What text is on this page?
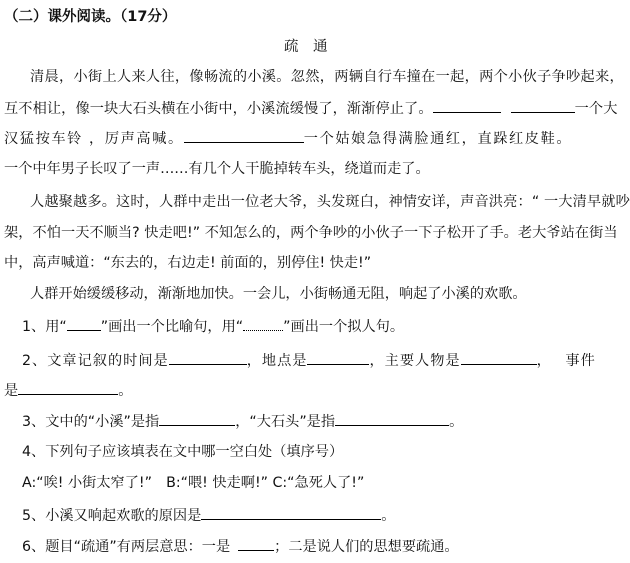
（二）课外阅读。（17分）
疏　通
清晨，小街上人来人往，像畅流的小溪。忽然，两辆自行车撞在一起，两个小伙子争吵起来，
互不相让，像一块大石头横在小街中，小溪流缓慢了，渐渐停止了。	一个大
汉猛按车铃 ，厉声高喊。	一个姑娘急得满脸通红，直跺红皮鞋。
一个中年男子长叹了一声……有几个人干脆掉转车头，绕道而走了。
人越聚越多。这时，人群中走出一位老大爷，头发斑白，神情安详，声音洪亮：“ 一大清早就吵
架，不怕一天不顺当? 快走吧!” 不知怎么的，两个争吵的小伙子一下子松开了手。老大爷站在街当
中，高声喊道：“东去的，右边走! 前面的，别停住! 快走!”
人群开始缓缓移动，渐渐地加快。一会儿，小街畅通无阻，响起了小溪的欢歌。
1、用“ ”画出一个比喻句，用“	”画出一个拟人句。
2、文章记叙的时间是	，地点是	，主要人物是	，　 事件
是	。
3、文中的“小溪”是指	，“大石头”是指	。
4、下列句子应该填表在文中哪一空白处（填序号）
A:“唉! 小街太窄了!”　B:“喂! 快走啊!” C:“急死人了!”
5、小溪又响起欢歌的原因是	。
6、题目“疏通”有两层意思：一是	；二是说人们的思想要疏通。
